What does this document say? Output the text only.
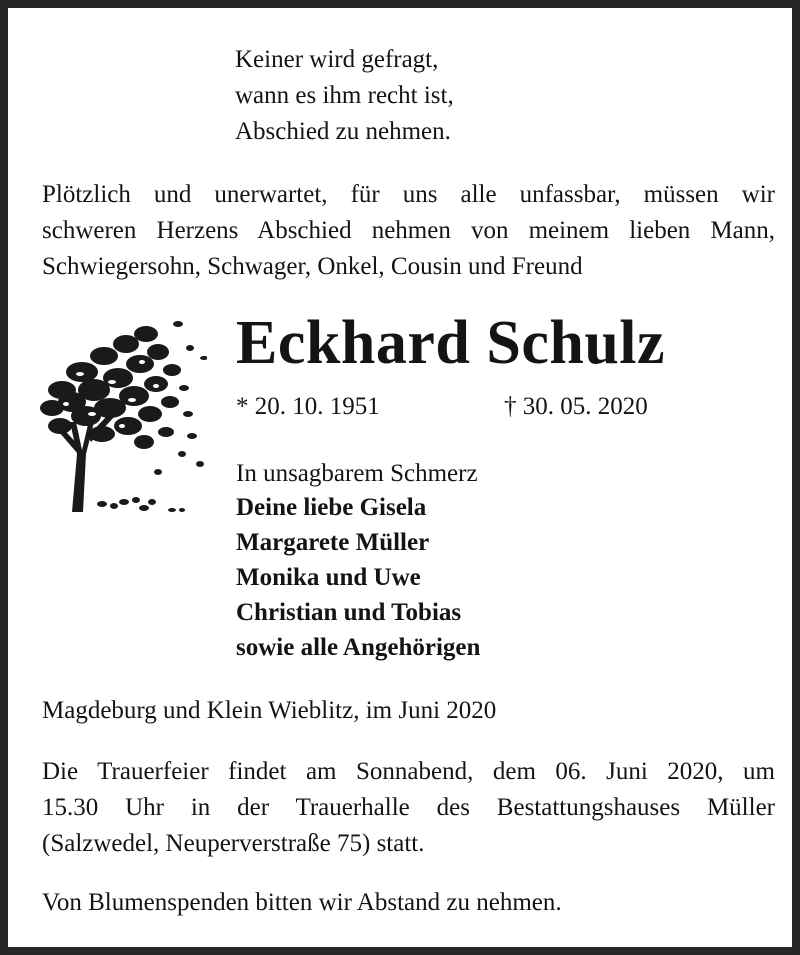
Keiner wird gefragt,
wann es ihm recht ist,
Abschied zu nehmen.
Plötzlich und unerwartet, für uns alle unfassbar, müssen wir
schweren Herzens Abschied nehmen von meinem lieben Mann,
Schwiegersohn, Schwager, Onkel, Cousin und Freund
Eckhard Schulz
* 20. 10. 1951	† 30. 05. 2020
In unsagbarem Schmerz
Deine liebe Gisela
Margarete Müller
Monika und Uwe
Christian und Tobias
sowie alle Angehörigen
Magdeburg und Klein Wieblitz, im Juni 2020
Die Trauerfeier findet am Sonnabend, dem 06. Juni 2020, um
15.30 Uhr in der Trauerhalle des Bestattungshauses Müller
(Salzwedel, Neuperverstraße 75) statt.
Von Blumenspenden bitten wir Abstand zu nehmen.
